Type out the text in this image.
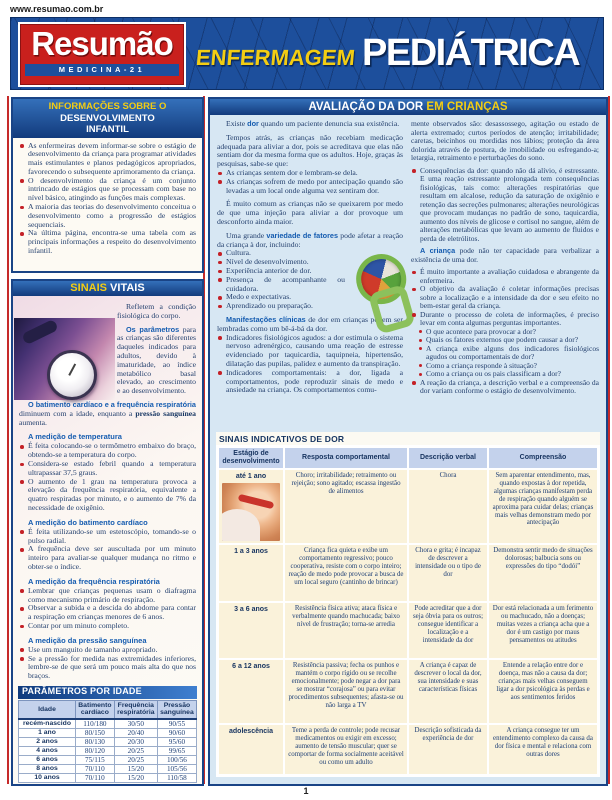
www.resumao.com.br
Resumão
MEDICINA-21	ENFERMAGEM PEDIÁTRICA
INFORMAÇÕES SOBRE O
DESENVOLVIMENTO
INFANTIL
As enfermeiras devem informar-se sobre o estágio de desenvolvimento da criança para programar atividades mais estimulantes e planos pedagógicos apropriados, favorecendo o subsequente aprimoramento da criança.
O desenvolvimento da criança é um conjunto intrincado de estágios que se processam com base no nível básico, atingindo as funções mais complexas.
A maioria das teorias do desenvolvimento conceitua o desenvolvimento como a progressão de estágios sequenciais.
Na última página, encontra-se uma tabela com as principais informações a respeito do desenvolvimento infantil.
SINAIS VITAIS

Refletem a condição fisiológica do corpo.

Os parâmetros para as crianças são diferentes daqueles indicados para adultos, devido à imaturidade, ao índice metabólico basal elevado, ao crescimento e ao desenvolvimento.

O batimento cardíaco e a frequência respiratória diminuem com a idade, enquanto a pressão sanguínea aumenta.

A medição de temperatura
É feita colocando-se o termômetro embaixo do braço, obtendo-se a temperatura do corpo.
Considera-se estado febril quando a temperatura ultrapassar 37,5 graus.
O aumento de 1 grau na temperatura provoca a elevação da frequência respiratória, equivalente a quatro respiradas por minuto, e o aumento de 7% da necessidade de oxigênio.
A medição do batimento cardíaco
É feita utilizando-se um estetoscópio, tomando-se o pulso radial.
A frequência deve ser auscultada por um minuto inteiro para avaliar-se qualquer mudança no ritmo e obter-se o índice.
A medição da frequência respiratória
Lembrar que crianças pequenas usam o diafragma como mecanismo primário de respiração.
Observar a subida e a descida do abdome para contar a respiração em crianças menores de 6 anos.
Contar por um minuto completo.
A medição da pressão sanguínea
Use um manguito de tamanho apropriado.
Se a pressão for medida nas extremidades inferiores, lembre-se de que será um pouco mais alta do que nos braços.
PARÂMETROS POR IDADE
Idade	Batimento cardíaco	Frequência respiratória	Pressão sanguínea
recém-nascido	110/180	30/50	90/55
1 ano	80/150	20/40	90/60
2 anos	80/130	20/30	95/60
4 anos	80/120	20/25	99/65
6 anos	75/115	20/25	100/56
8 anos	70/110	15/20	105/56
10 anos	70/110	15/20	110/58
AVALIAÇÃO DA DOR EM CRIANÇAS

Existe dor quando um paciente denuncia sua existência.

Tempos atrás, as crianças não recebiam medicação adequada para aliviar a dor, pois se acreditava que elas não sentiam dor da mesma forma que os adultos. Hoje, graças às pesquisas, sabe-se que:

As crianças sentem dor e lembram-se dela.
As crianças sofrem de medo por antecipação quando são levadas a um local onde alguma vez sentiram dor.

É muito comum as crianças não se queixarem por medo de que uma injeção para aliviar a dor provoque um desconforto ainda maior.

Uma grande variedade de fatores pode afetar a reação da criança à dor, incluindo:

Cultura.
Nível de desenvolvimento.
Experiência anterior de dor.
Presença de acompanhante ou cuidadora.
Medo e expectativas.
Aprendizado ou preparação.

Manifestações clínicas de dor em crianças podem ser lembradas como um bê-á-bá da dor.

Indicadores fisiológicos agudos: a dor estimula o sistema nervoso adrenérgico, causando uma reação de estresse evidenciado por taquicardia, taquipneia, hipertensão, dilatação das pupilas, palidez e aumento da transpiração.
Indicadores comportamentais: a dor, ligada a comportamentos, pode reproduzir sinais de medo e ansiedade na criança. Os comportamentos comu-

mente observados são: desassossego, agitação ou estado de alerta extremado; curtos períodos de atenção; irritabilidade; caretas, beicinhos ou mordidas nos lábios; proteção da área dolorida através de postura, de imobilidade ou esfregando-a; letargia, retraimento e perturbações do sono.

Consequências da dor: quando não dá alívio, é estressante. E uma reação estressante prolongada tem consequências fisiológicas, tais como: alterações respiratórias que resultam em alcalose, redução da saturação de oxigênio e retenção das secreções pulmonares; alterações neurológicas que provocam mudanças no padrão de sono, taquicardia, aumento dos níveis de glicose e cortisol no sangue, além de alterações metabólicas que levam ao aumento de fluidos e perda de eletrólitos.

A criança pode não ter capacidade para verbalizar a existência de uma dor.

É muito importante a avaliação cuidadosa e abrangente da enfermeira.
O objetivo da avaliação é coletar informações precisas sobre a localização e a intensidade da dor e seu efeito no bem-estar geral da criança.
Durante o processo de coleta de informações, é preciso levar em conta algumas perguntas importantes.
O que acontece para provocar a dor?
Quais os fatores externos que podem causar a dor?
A criança exibe alguns dos indicadores fisiológicos agudos ou comportamentais de dor?
Como a criança responde à situação?
Como a criança ou os pais classificam a dor?
A reação da criança, a descrição verbal e a compreensão da dor variam conforme o estágio de desenvolvimento.
SINAIS INDICATIVOS DE DOR
Estágio de desenvolvimento	Resposta comportamental	Descrição verbal	Compreensão

até 1 ano	Choro; irritabilidade; retraimento ou rejeição; sono agitado; escassa ingestão de alimentos	Chora	Sem aparentar entendimento, mas, quando expostas à dor repetida, algumas crianças manifestam perda de respiração quando alguém se aproxima para cuidar delas; crianças mais velhas demonstram medo por antecipação
1 a 3 anos	Criança fica quieta e exibe um comportamento regressivo; pouco cooperativa, resiste com o corpo inteiro; reação de medo pode provocar a busca de um local seguro (cantinho de brincar)	Chora e grita; é incapaz de descrever a intensidade ou o tipo de dor	Demonstra sentir medo de situações dolorosas; balbucia sons ou expressões do tipo “dodói”
3 a 6 anos	Resistência física ativa; ataca física e verbalmente quando machucada; baixo nível de frustração; torna-se arredia	Pode acreditar que a dor seja óbvia para os outros; consegue identificar a localização e a intensidade da dor	Dor está relacionada a um ferimento ou machucado, não a doenças; muitas vezes a criança acha que a dor é um castigo por maus pensamentos ou atitudes
6 a 12 anos	Resistência passiva; fecha os punhos e mantém o corpo rígido ou se recolhe emocionalmente; pode negar a dor para se mostrar “corajosa” ou para evitar procedimentos subsequentes; afasta-se ou não larga a TV	A criança é capaz de descrever o local da dor, sua intensidade e suas características físicas	Entende a relação entre dor e doença, mas não a causa da dor; crianças mais velhas conseguem ligar a dor psicológica às perdas e aos sentimentos feridos
adolescência	Teme a perda de controle; pode recusar medicamentos ou exigir em excesso; aumento de tensão muscular; quer se comportar de forma socialmente aceitável ou como um adulto	Descrição sofisticada da experiência de dor	A criança consegue ter um entendimento complexo da causa da dor física e mental e relaciona com outras dores
1
